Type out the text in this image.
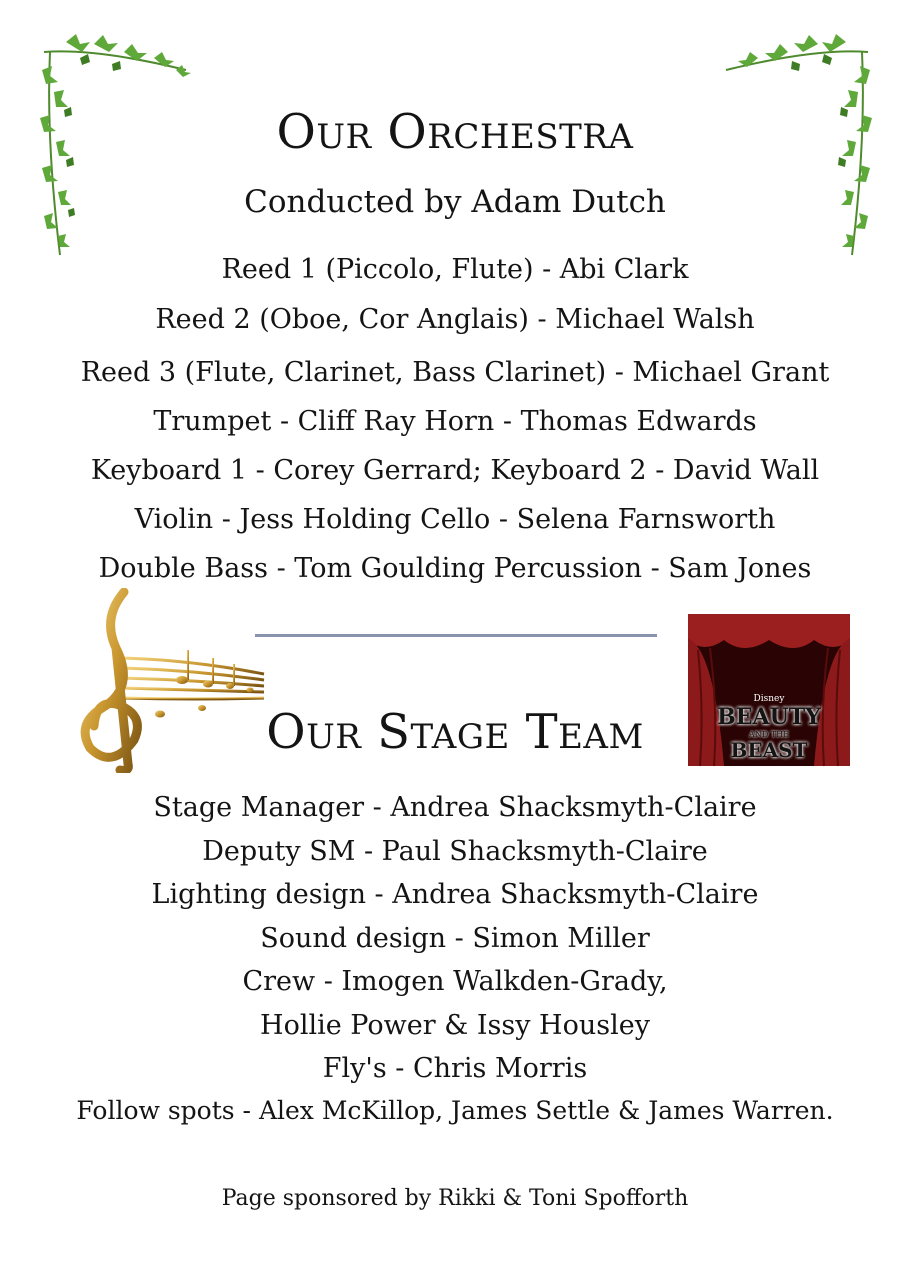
Our Orchestra
Conducted by Adam Dutch
Reed 1 (Piccolo, Flute) - Abi Clark
Reed 2 (Oboe, Cor Anglais) - Michael Walsh
Reed 3 (Flute, Clarinet, Bass Clarinet) - Michael Grant
Trumpet - Cliff Ray Horn - Thomas Edwards
Keyboard 1 - Corey Gerrard; Keyboard 2 - David Wall
Violin - Jess Holding Cello - Selena Farnsworth
Double Bass - Tom Goulding Percussion - Sam Jones
Disney
BEAUTY
AND THE
BEAST
Our Stage Team
Stage Manager - Andrea Shacksmyth-Claire
Deputy SM - Paul Shacksmyth-Claire
Lighting design - Andrea Shacksmyth-Claire
Sound design - Simon Miller
Crew - Imogen Walkden-Grady,
Hollie Power & Issy Housley
Fly's - Chris Morris
Follow spots - Alex McKillop, James Settle & James Warren.
Page sponsored by Rikki & Toni Spofforth
